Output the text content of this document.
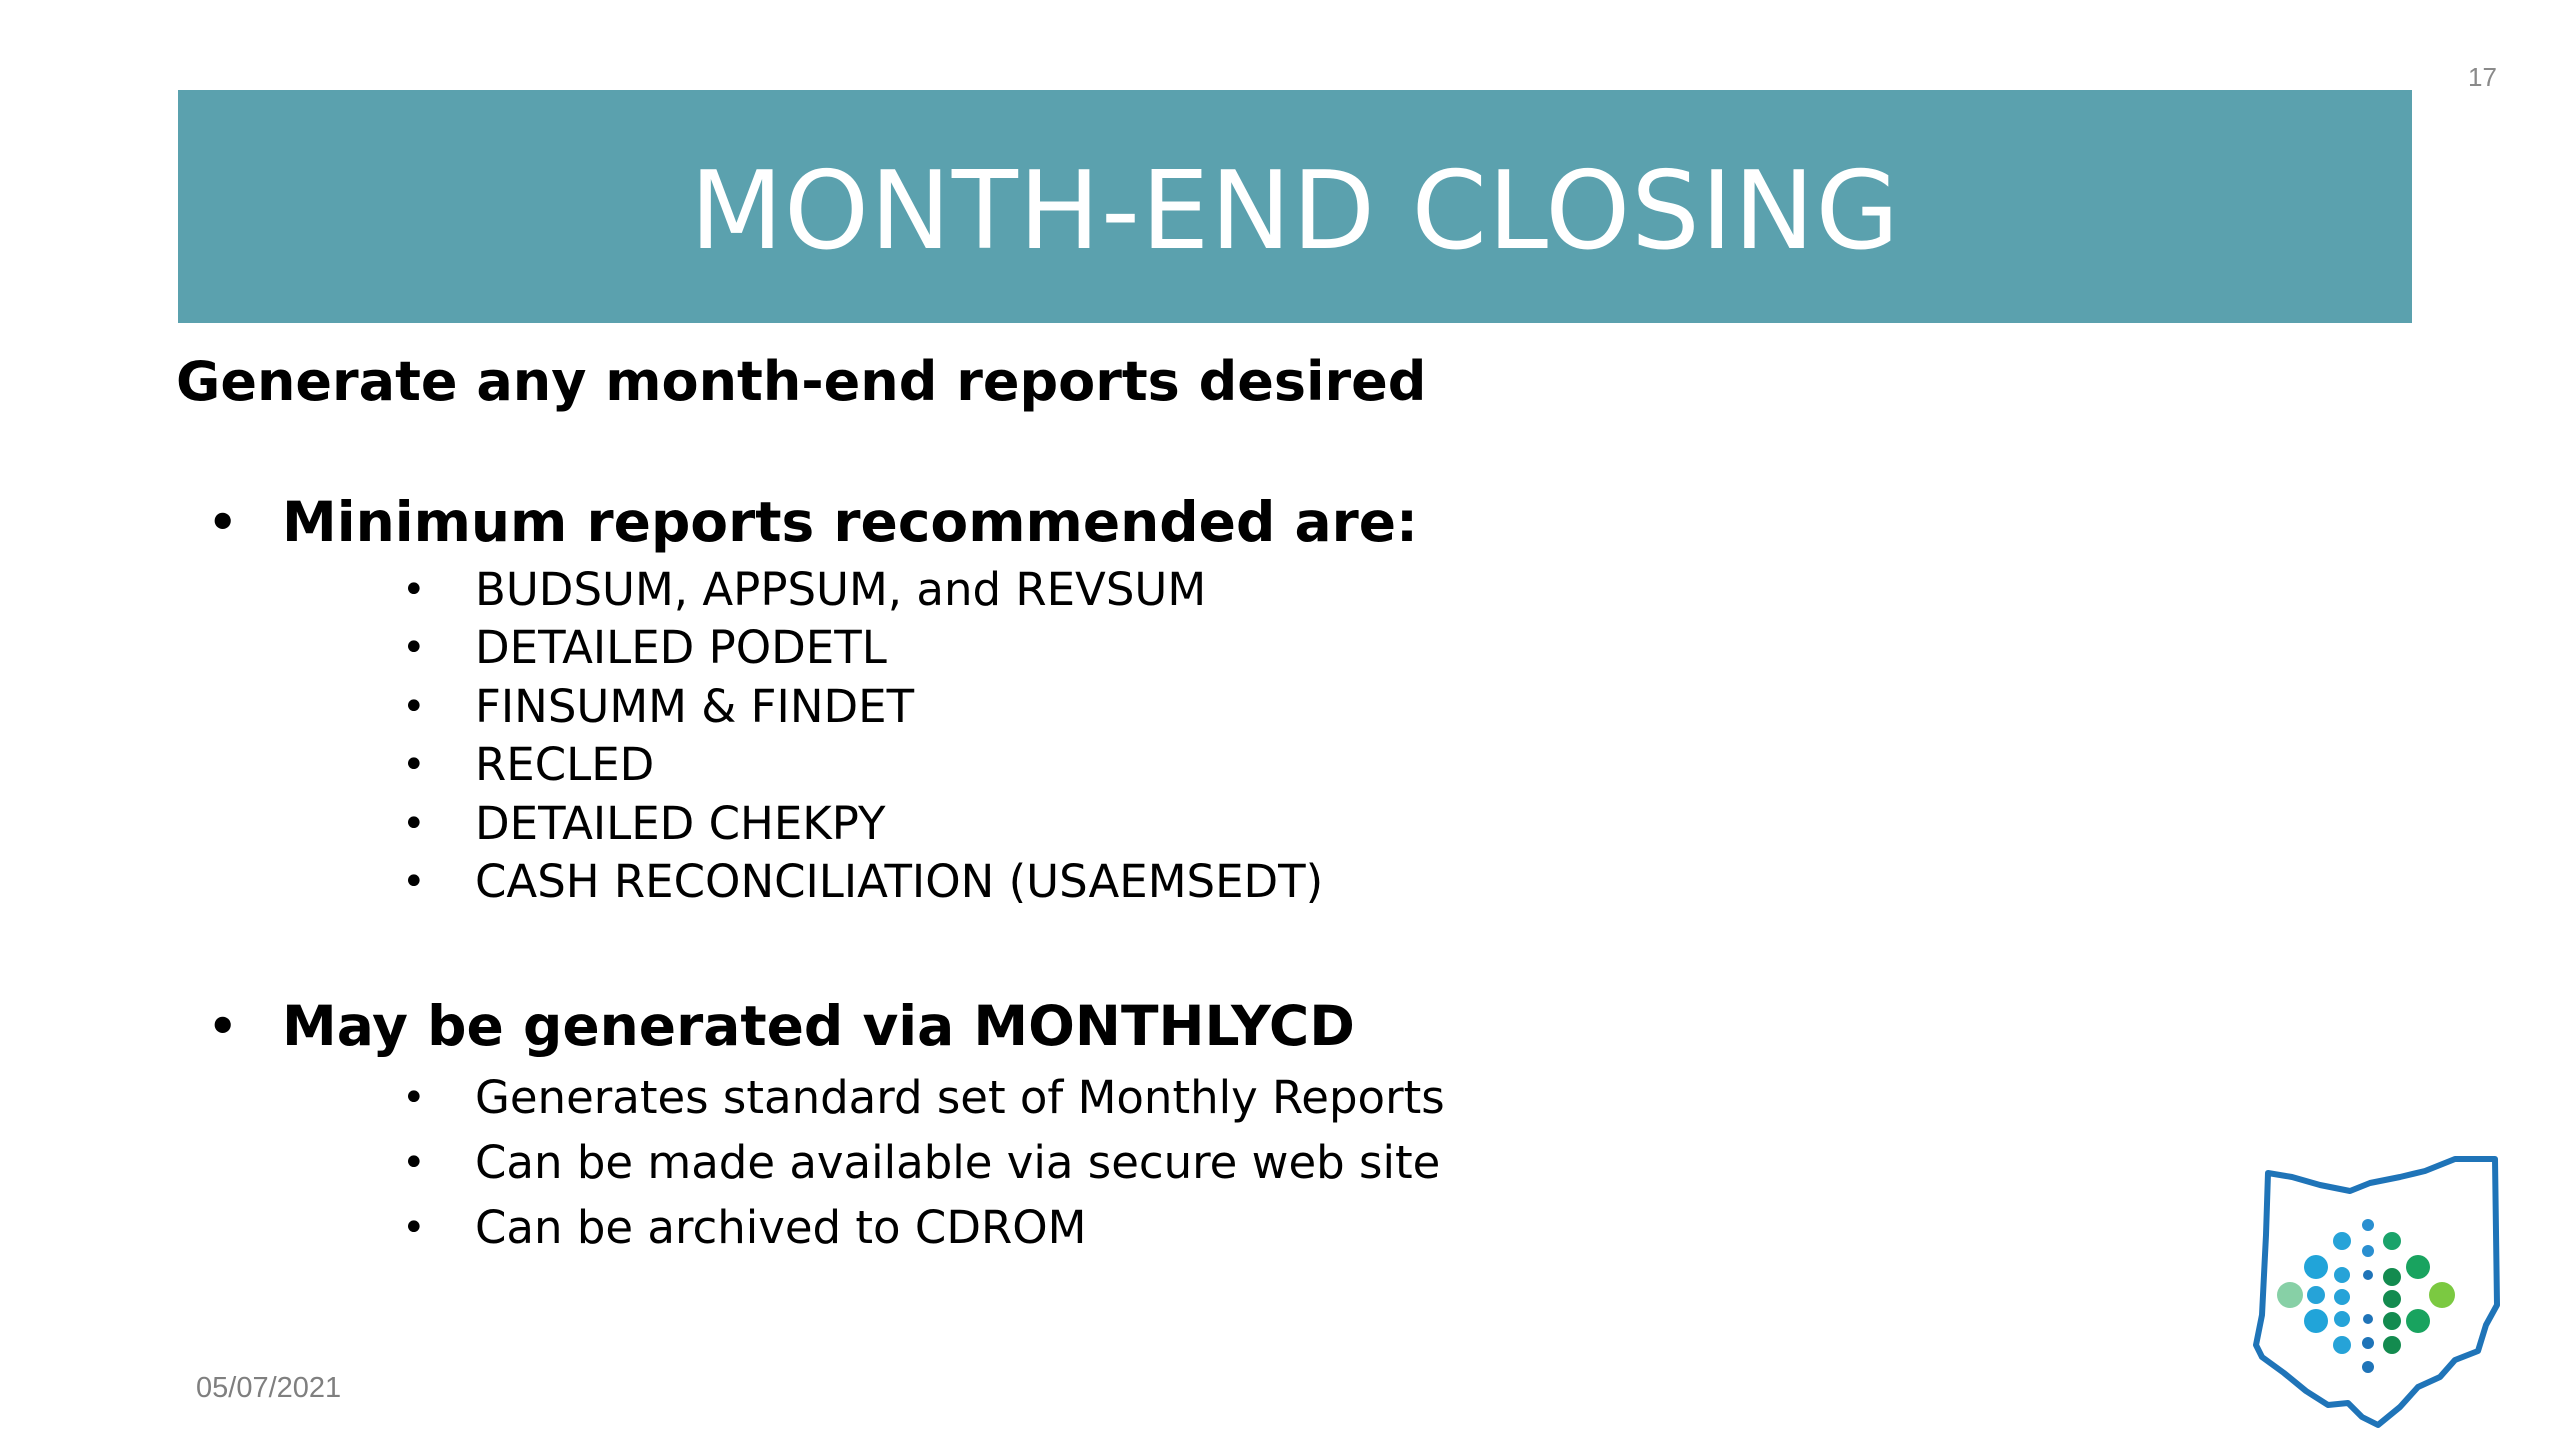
17
MONTH-END CLOSING
Generate any month-end reports desired
• Minimum reports recommended are:
•	BUDSUM, APPSUM, and REVSUM
•	DETAILED PODETL
•	FINSUMM & FINDET
•	RECLED
•	DETAILED CHEKPY
•	CASH RECONCILIATION (USAEMSEDT)
• May be generated via MONTHLYCD
•	Generates standard set of Monthly Reports
•	Can be made available via secure web site
•	Can be archived to CDROM
05/07/2021
